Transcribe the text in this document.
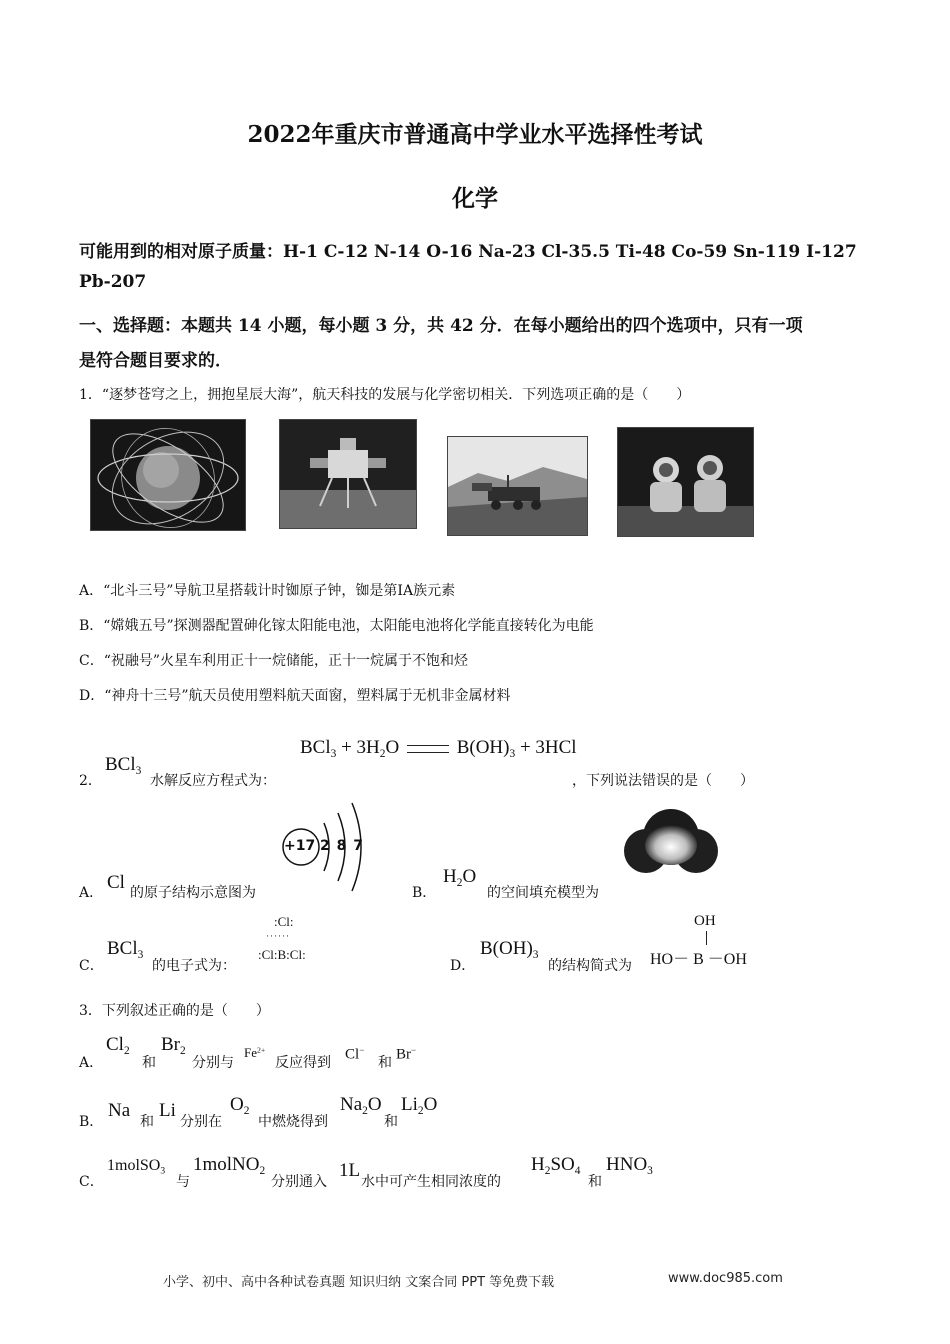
2022年重庆市普通高中学业水平选择性考试
化学
可能用到的相对原子质量：H-1 C-12 N-14 O-16 Na-23 Cl-35.5 Ti-48 Co-59 Sn-119 I-127
Pb-207
一、选择题：本题共 14 小题，每小题 3 分，共 42 分．在每小题给出的四个选项中，只有一项
是符合题目要求的．
1．“逐梦苍穹之上，拥抱星辰大海”，航天科技的发展与化学密切相关．下列选项正确的是（　　）
A．“北斗三号”导航卫星搭载计时铷原子钟，铷是第ⅠA族元素
B．“嫦娥五号”探测器配置砷化镓太阳能电池，太阳能电池将化学能直接转化为电能
C．“祝融号”火星车利用正十一烷储能，正十一烷属于不饱和烃
D．“神舟十三号”航天员使用塑料航天面窗，塑料属于无机非金属材料
$BCl_3 + 3H_2O$	$B(OH)_3 + 3HCl$
2．
BCl$_3$
水解反应方程式为：	，下列说法错误的是（　　）
A． Cl 的原子结构示意图为
+17 2 8 7
B．
$H_2O$
的空间填充模型为
C．
BCl$_3$
的电子式为：
:Cl:
······
:Cl:B:Cl:
D．
$B(OH)_3$
的结构简式为
OH
HO－ B －OH
3．下列叙述正确的是（　　）
A．
$Cl_2$
和
$Br_2$
分别与
$Fe^{2+}$
反应得到
Cl−
和
Br−
B．
Na
和
Li
分别在
$O_2$
中燃烧得到
$Na_2O$
和
$Li_2O$
C．
1molSO$_3$
与
1molNO$_2$
分别通入
1L
水中可产生相同浓度的
$H_2SO_4$
和
$HNO_3$
小学、初中、高中各种试卷真题 知识归纳 文案合同 PPT 等免费下载	www.doc985.com
